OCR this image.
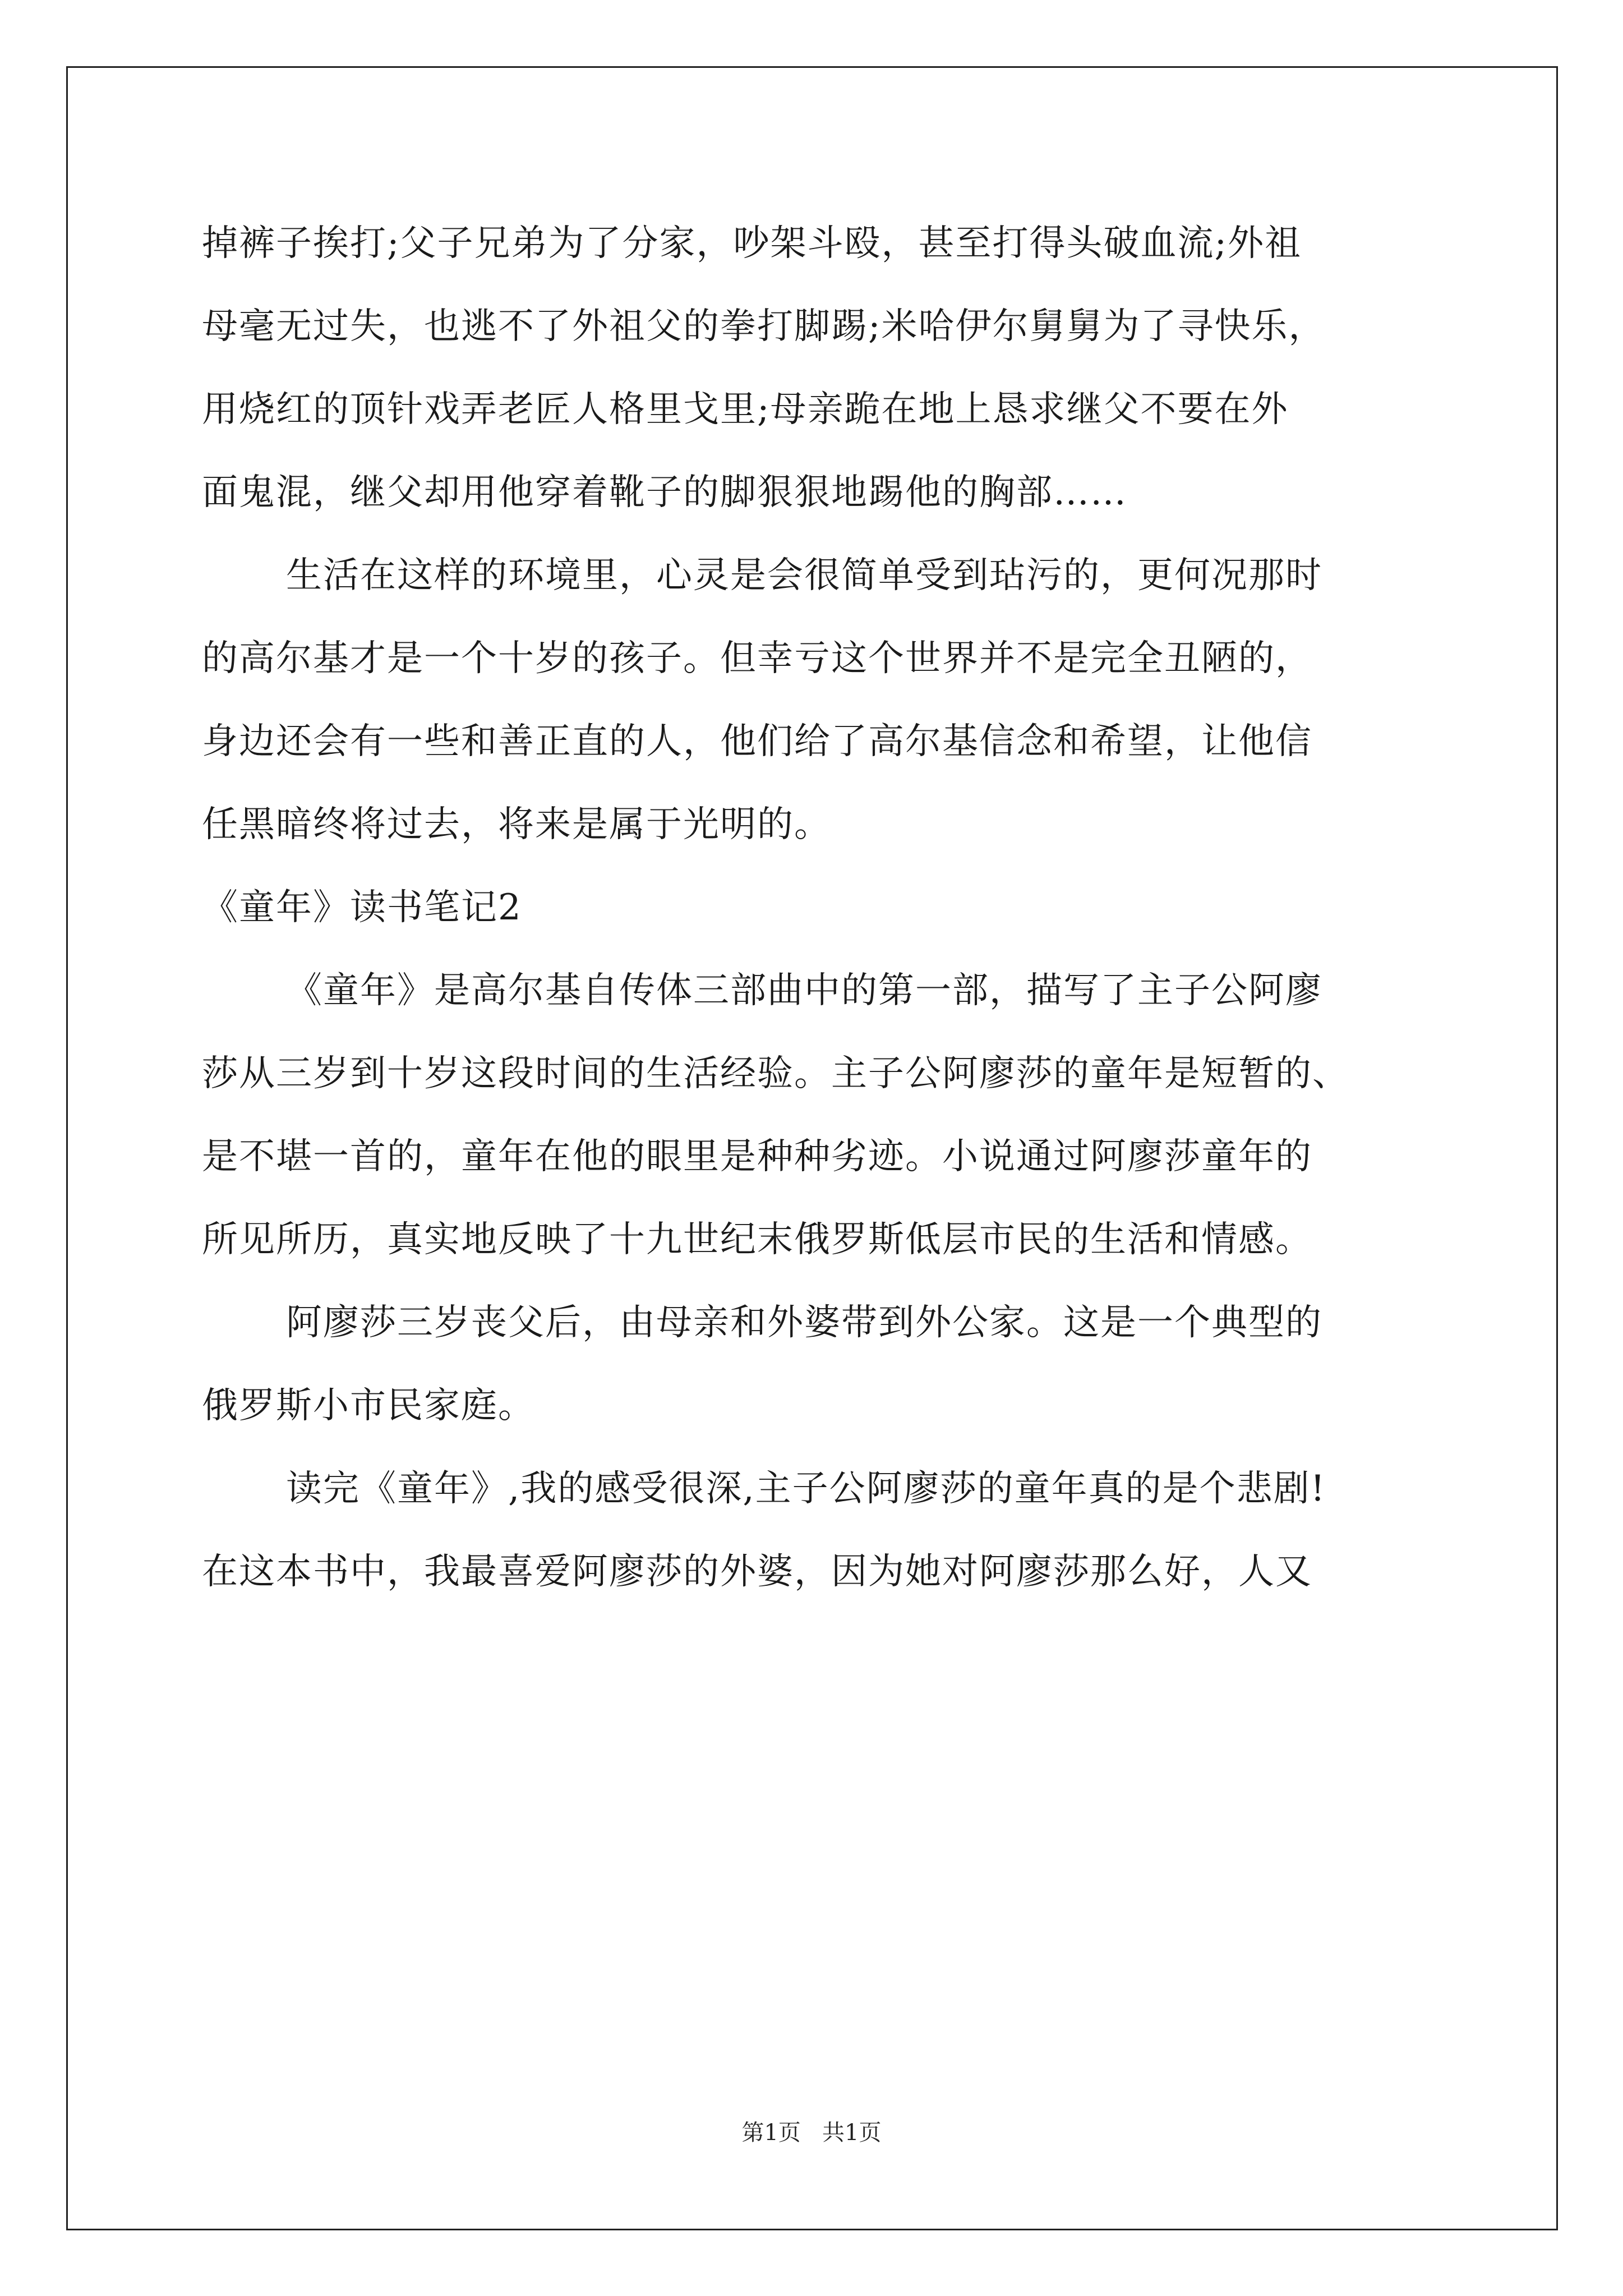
掉裤子挨打;父子兄弟为了分家，吵架斗殴，甚至打得头破血流;外祖
母毫无过失，也逃不了外祖父的拳打脚踢;米哈伊尔舅舅为了寻快乐，
用烧红的顶针戏弄老匠人格里戈里;母亲跪在地上恳求继父不要在外
面鬼混，继父却用他穿着靴子的脚狠狠地踢他的胸部……
生活在这样的环境里，心灵是会很简单受到玷污的，更何况那时
的高尔基才是一个十岁的孩子。但幸亏这个世界并不是完全丑陋的，
身边还会有一些和善正直的人，他们给了高尔基信念和希望，让他信
任黑暗终将过去，将来是属于光明的。
《童年》读书笔记2
《童年》是高尔基自传体三部曲中的第一部，描写了主子公阿廖
莎从三岁到十岁这段时间的生活经验。主子公阿廖莎的童年是短暂的、
是不堪一首的，童年在他的眼里是种种劣迹。小说通过阿廖莎童年的
所见所历，真实地反映了十九世纪末俄罗斯低层市民的生活和情感。
阿廖莎三岁丧父后，由母亲和外婆带到外公家。这是一个典型的
俄罗斯小市民家庭。
读完《童年》,我的感受很深,主子公阿廖莎的童年真的是个悲剧!
在这本书中，我最喜爱阿廖莎的外婆，因为她对阿廖莎那么好，人又
第1页   共1页
